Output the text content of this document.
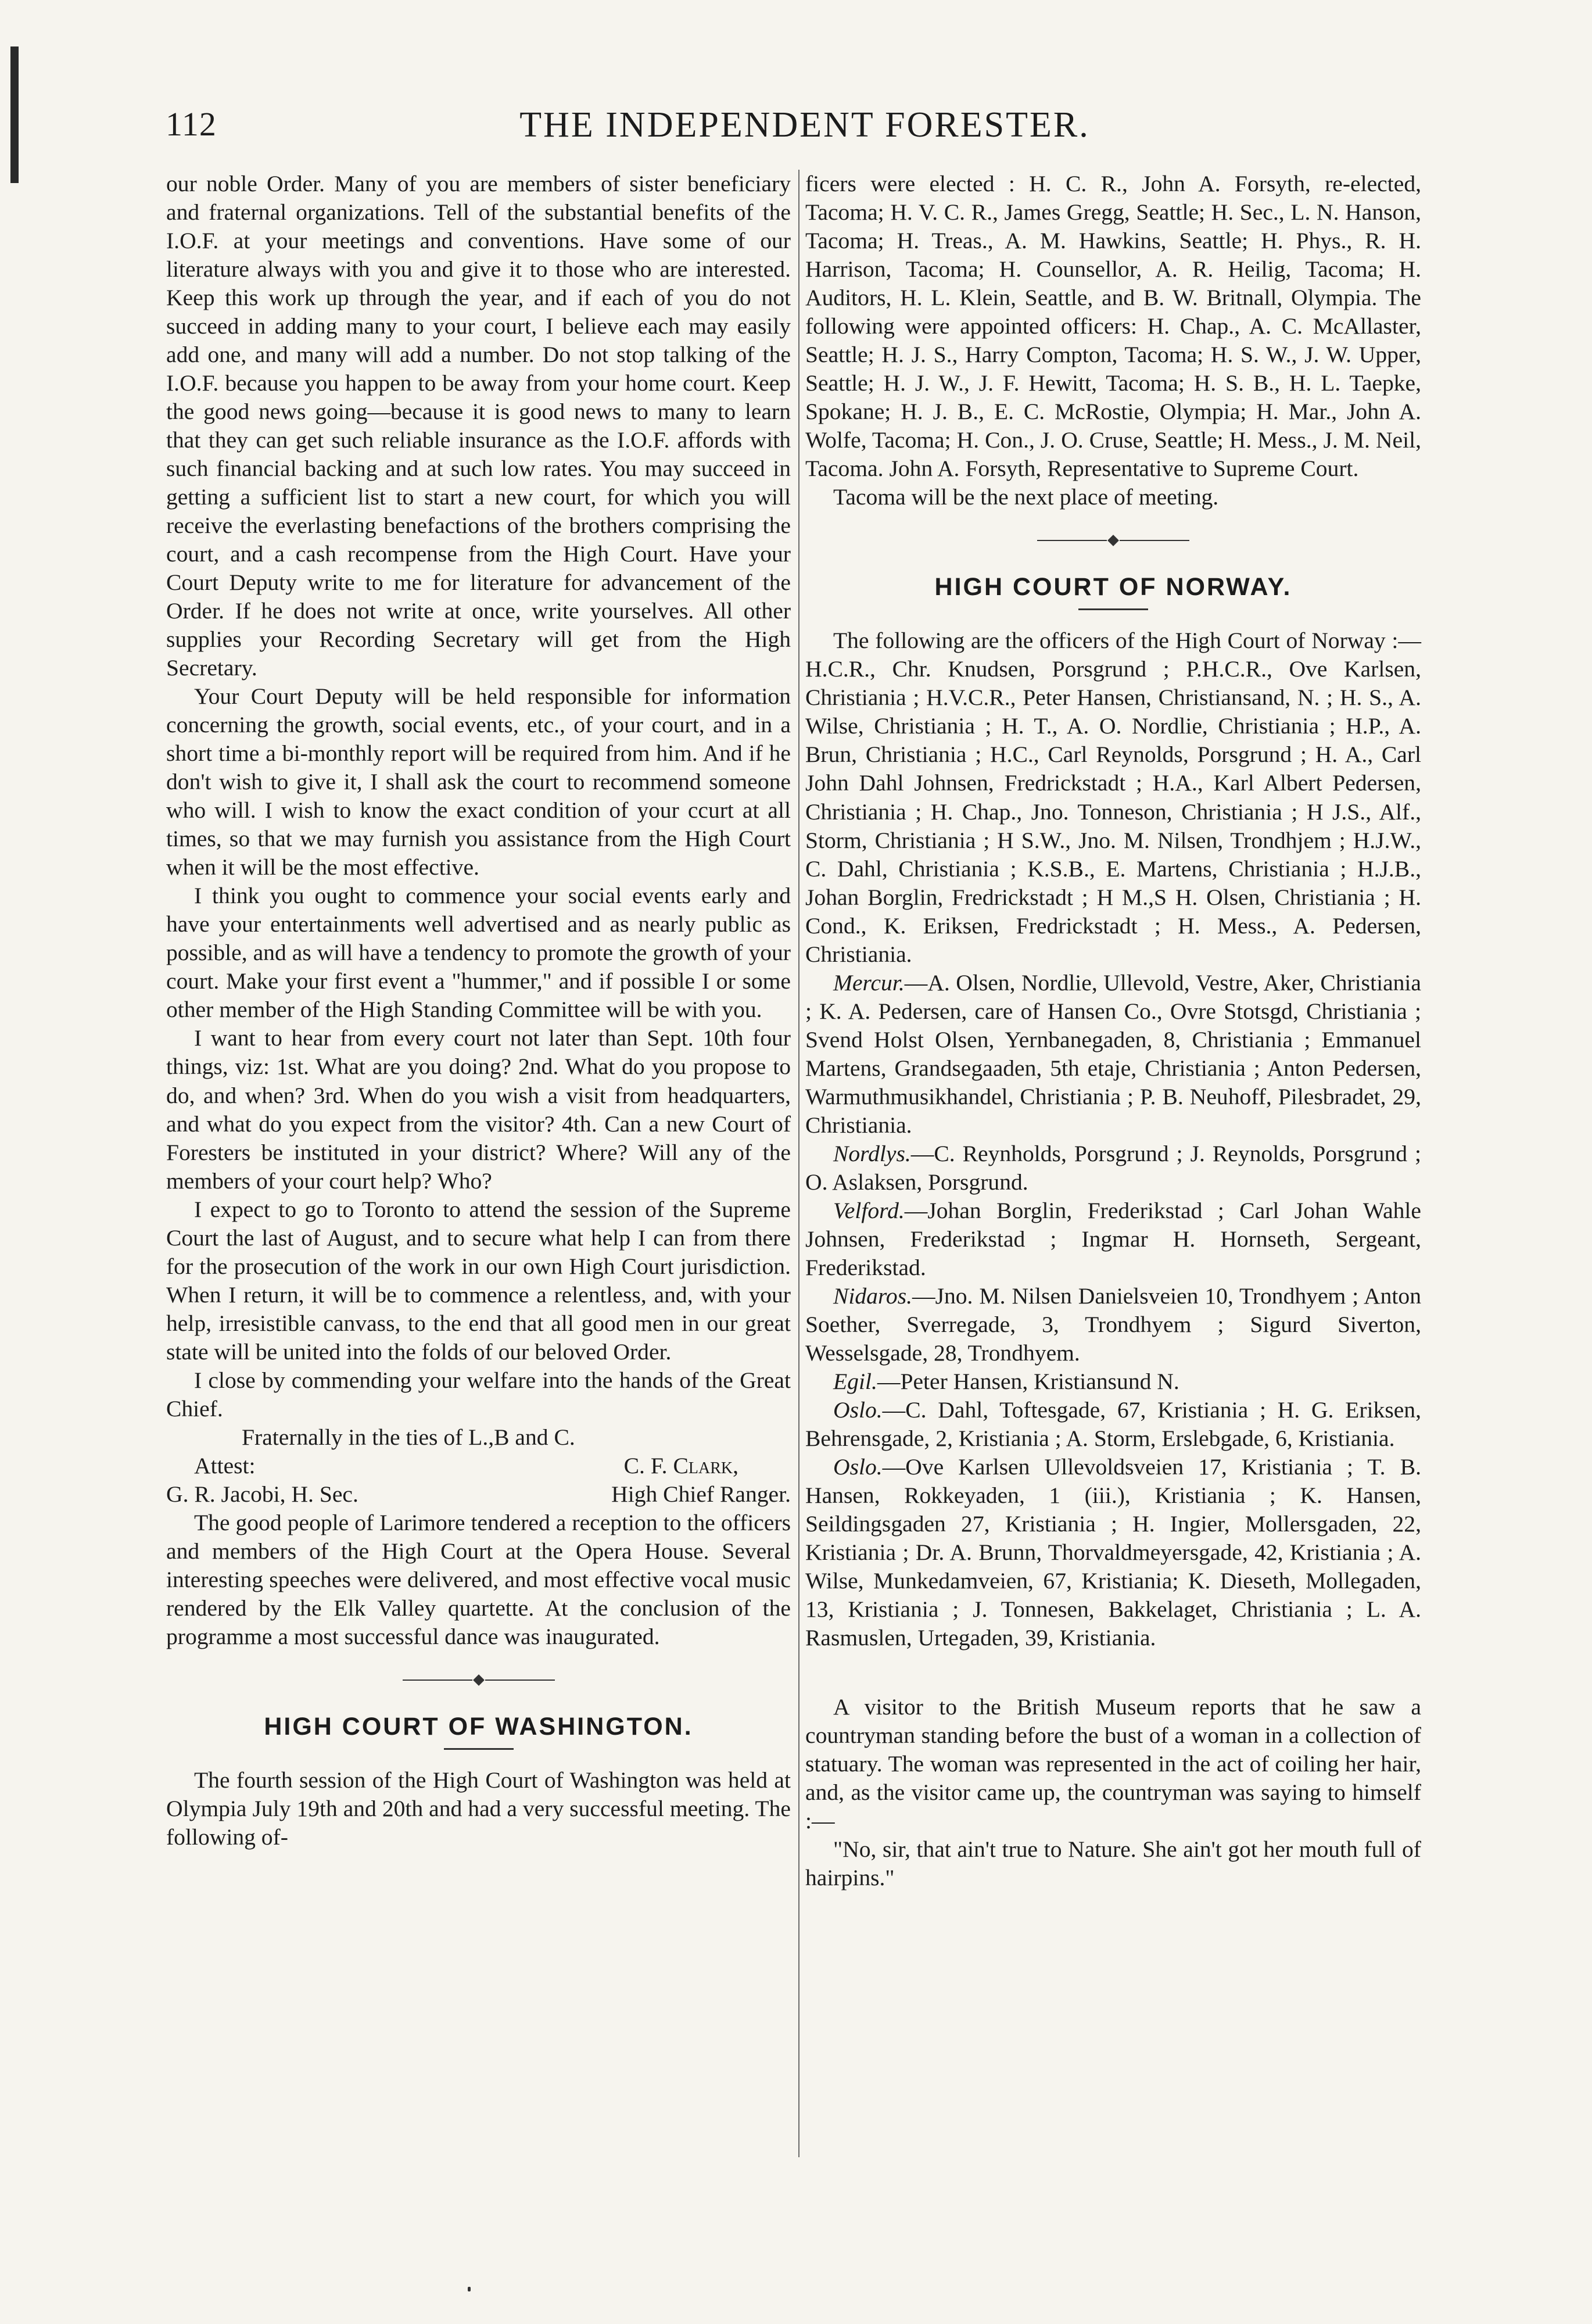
112	THE INDEPENDENT FORESTER.

our noble Order. Many of you are members of sister beneficiary and fraternal organizations. Tell of the substantial benefits of the I.O.F. at your meetings and conventions. Have some of our literature always with you and give it to those who are interested. Keep this work up through the year, and if each of you do not succeed in adding many to your court, I believe each may easily add one, and many will add a number. Do not stop talking of the I.O.F. because you happen to be away from your home court. Keep the good news going—because it is good news to many to learn that they can get such reliable insurance as the I.O.F. affords with such financial backing and at such low rates. You may succeed in getting a sufficient list to start a new court, for which you will receive the everlasting benefactions of the brothers comprising the court, and a cash recompense from the High Court. Have your Court Deputy write to me for literature for advancement of the Order. If he does not write at once, write yourselves. All other supplies your Recording Secretary will get from the High Secretary.

Your Court Deputy will be held responsible for information concerning the growth, social events, etc., of your court, and in a short time a bi-monthly report will be required from him. And if he don't wish to give it, I shall ask the court to recommend someone who will. I wish to know the exact condition of your ccurt at all times, so that we may furnish you assistance from the High Court when it will be the most effective.

I think you ought to commence your social events early and have your entertainments well advertised and as nearly public as possible, and as will have a tendency to promote the growth of your court. Make your first event a "hummer," and if possible I or some other member of the High Standing Committee will be with you.

I want to hear from every court not later than Sept. 10th four things, viz: 1st. What are you doing? 2nd. What do you propose to do, and when? 3rd. When do you wish a visit from headquarters, and what do you expect from the visitor? 4th. Can a new Court of Foresters be instituted in your district? Where? Will any of the members of your court help? Who?

I expect to go to Toronto to attend the session of the Supreme Court the last of August, and to secure what help I can from there for the prosecution of the work in our own High Court jurisdiction. When I return, it will be to commence a relentless, and, with your help, irresistible canvass, to the end that all good men in our great state will be united into the folds of our beloved Order.

I close by commending your welfare into the hands of the Great Chief.

Fraternally in the ties of L.,B and C.

Attest:	C. F. Clark,
G. R. Jacobi, H. Sec.	High Chief Ranger.

The good people of Larimore tendered a reception to the officers and members of the High Court at the Opera House. Several interesting speeches were delivered, and most effective vocal music rendered by the Elk Valley quartette. At the conclusion of the programme a most successful dance was inaugurated.

HIGH COURT OF WASHINGTON.

The fourth session of the High Court of Washington was held at Olympia July 19th and 20th and had a very successful meeting. The following of-

ficers were elected : H. C. R., John A. Forsyth, re-elected, Tacoma; H. V. C. R., James Gregg, Seattle; H. Sec., L. N. Hanson, Tacoma; H. Treas., A. M. Hawkins, Seattle; H. Phys., R. H. Harrison, Tacoma; H. Counsellor, A. R. Heilig, Tacoma; H. Auditors, H. L. Klein, Seattle, and B. W. Britnall, Olympia. The following were appointed officers: H. Chap., A. C. McAllaster, Seattle; H. J. S., Harry Compton, Tacoma; H. S. W., J. W. Upper, Seattle; H. J. W., J. F. Hewitt, Tacoma; H. S. B., H. L. Taepke, Spokane; H. J. B., E. C. McRostie, Olympia; H. Mar., John A. Wolfe, Tacoma; H. Con., J. O. Cruse, Seattle; H. Mess., J. M. Neil, Tacoma. John A. Forsyth, Representative to Supreme Court.

Tacoma will be the next place of meeting.

HIGH COURT OF NORWAY.

The following are the officers of the High Court of Norway :—H.C.R., Chr. Knudsen, Porsgrund ; P.H.C.R., Ove Karlsen, Christiania ; H.V.C.R., Peter Hansen, Christiansand, N. ; H. S., A. Wilse, Christiania ; H. T., A. O. Nordlie, Christiania ; H.P., A. Brun, Christiania ; H.C., Carl Reynolds, Porsgrund ; H. A., Carl John Dahl Johnsen, Fredrickstadt ; H.A., Karl Albert Pedersen, Christiania ; H. Chap., Jno. Tonneson, Christiania ; H J.S., Alf., Storm, Christiania ; H S.W., Jno. M. Nilsen, Trondhjem ; H.J.W., C. Dahl, Christiania ; K.S.B., E. Martens, Christiania ; H.J.B., Johan Borglin, Fredrickstadt ; H M.,S H. Olsen, Christiania ; H. Cond., K. Eriksen, Fredrickstadt ; H. Mess., A. Pedersen, Christiania.

Mercur.—A. Olsen, Nordlie, Ullevold, Vestre, Aker, Christiania ; K. A. Pedersen, care of Hansen Co., Ovre Stotsgd, Christiania ; Svend Holst Olsen, Yernbanegaden, 8, Christiania ; Emmanuel Martens, Grandsegaaden, 5th etaje, Christiania ; Anton Pedersen, Warmuthmusikhandel, Christiania ; P. B. Neuhoff, Pilesbradet, 29, Christiania.

Nordlys.—C. Reynholds, Porsgrund ; J. Reynolds, Porsgrund ; O. Aslaksen, Porsgrund.

Velford.—Johan Borglin, Frederikstad ; Carl Johan Wahle Johnsen, Frederikstad ; Ingmar H. Hornseth, Sergeant, Frederikstad.

Nidaros.—Jno. M. Nilsen Danielsveien 10, Trondhyem ; Anton Soether, Sverregade, 3, Trondhyem ; Sigurd Siverton, Wesselsgade, 28, Trondhyem.

Egil.—Peter Hansen, Kristiansund N.

Oslo.—C. Dahl, Toftesgade, 67, Kristiania ; H. G. Eriksen, Behrensgade, 2, Kristiania ; A. Storm, Erslebgade, 6, Kristiania.

Oslo.—Ove Karlsen Ullevoldsveien 17, Kristiania ; T. B. Hansen, Rokkeyaden, 1 (iii.), Kristiania ; K. Hansen, Seildingsgaden 27, Kristiania ; H. Ingier, Mollersgaden, 22, Kristiania ; Dr. A. Brunn, Thorvaldmeyersgade, 42, Kristiania ; A. Wilse, Munkedamveien, 67, Kristiania; K. Dieseth, Mollegaden, 13, Kristiania ; J. Tonnesen, Bakkelaget, Christiania ; L. A. Rasmuslen, Urtegaden, 39, Kristiania.

A visitor to the British Museum reports that he saw a countryman standing before the bust of a woman in a collection of statuary. The woman was represented in the act of coiling her hair, and, as the visitor came up, the countryman was saying to himself :—

"No, sir, that ain't true to Nature. She ain't got her mouth full of hairpins."
